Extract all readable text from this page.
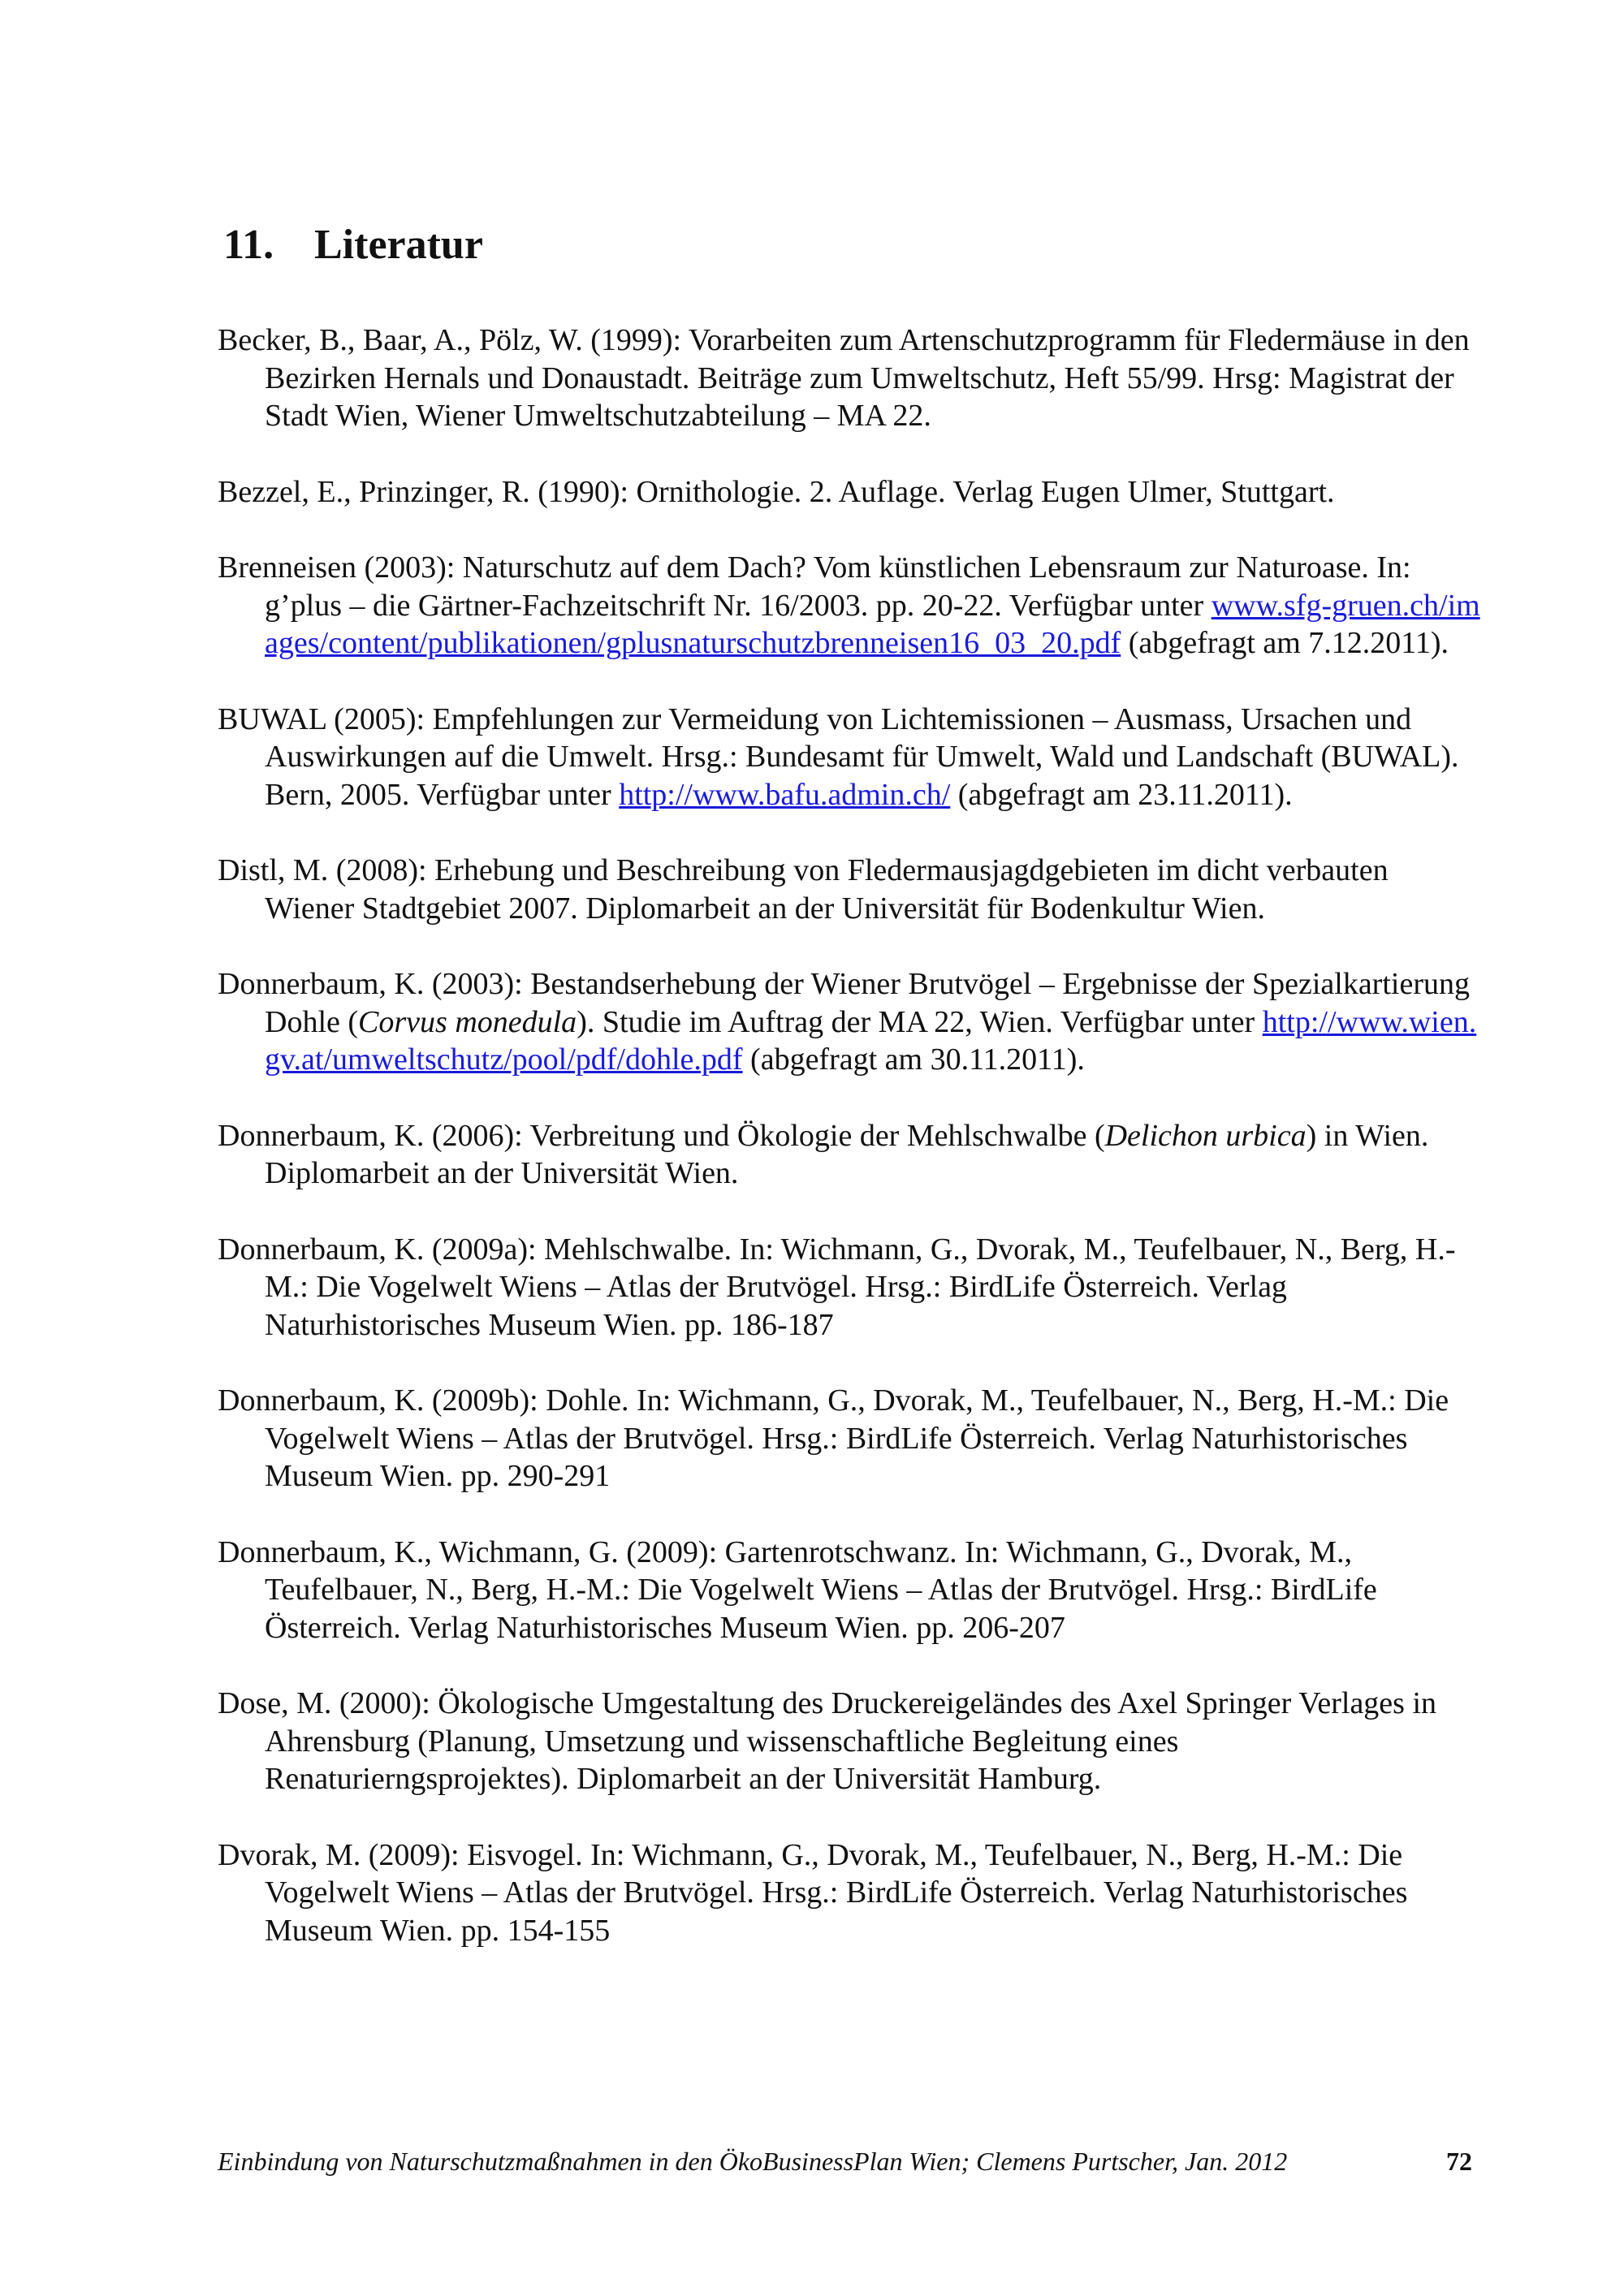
11. Literatur

Becker, B., Baar, A., Pölz, W. (1999): Vorarbeiten zum Artenschutzprogramm für Fledermäuse in den Bezirken Hernals und Donaustadt. Beiträge zum Umweltschutz, Heft 55/99. Hrsg: Magistrat der Stadt Wien, Wiener Umweltschutzabteilung – MA 22.

Bezzel, E., Prinzinger, R. (1990): Ornithologie. 2. Auflage. Verlag Eugen Ulmer, Stuttgart.

Brenneisen (2003): Naturschutz auf dem Dach? Vom künstlichen Lebensraum zur Naturoase. In: g’plus – die Gärtner-Fachzeitschrift Nr. 16/2003. pp. 20-22. Verfügbar unter www.sfg-gruen.ch/images/content/publikationen/gplusnaturschutzbrenneisen16_03_20.pdf (abgefragt am 7.12.2011).

BUWAL (2005): Empfehlungen zur Vermeidung von Lichtemissionen – Ausmass, Ursachen und Auswirkungen auf die Umwelt. Hrsg.: Bundesamt für Umwelt, Wald und Landschaft (BUWAL). Bern, 2005. Verfügbar unter http://www.bafu.admin.ch/ (abgefragt am 23.11.2011).

Distl, M. (2008): Erhebung und Beschreibung von Fledermausjagdgebieten im dicht verbauten Wiener Stadtgebiet 2007. Diplomarbeit an der Universität für Bodenkultur Wien.

Donnerbaum, K. (2003): Bestandserhebung der Wiener Brutvögel – Ergebnisse der Spezialkartierung Dohle (Corvus monedula). Studie im Auftrag der MA 22, Wien. Verfügbar unter http://www.wien.gv.at/umweltschutz/pool/pdf/dohle.pdf (abgefragt am 30.11.2011).

Donnerbaum, K. (2006): Verbreitung und Ökologie der Mehlschwalbe (Delichon urbica) in Wien. Diplomarbeit an der Universität Wien.

Donnerbaum, K. (2009a): Mehlschwalbe. In: Wichmann, G., Dvorak, M., Teufelbauer, N., Berg, H.-M.: Die Vogelwelt Wiens – Atlas der Brutvögel. Hrsg.: BirdLife Österreich. Verlag Naturhistorisches Museum Wien. pp. 186-187

Donnerbaum, K. (2009b): Dohle. In: Wichmann, G., Dvorak, M., Teufelbauer, N., Berg, H.-M.: Die Vogelwelt Wiens – Atlas der Brutvögel. Hrsg.: BirdLife Österreich. Verlag Naturhistorisches Museum Wien. pp. 290-291

Donnerbaum, K., Wichmann, G. (2009): Gartenrotschwanz. In: Wichmann, G., Dvorak, M., Teufelbauer, N., Berg, H.-M.: Die Vogelwelt Wiens – Atlas der Brutvögel. Hrsg.: BirdLife Österreich. Verlag Naturhistorisches Museum Wien. pp. 206-207

Dose, M. (2000): Ökologische Umgestaltung des Druckereigeländes des Axel Springer Verlages in Ahrensburg (Planung, Umsetzung und wissenschaftliche Begleitung eines Renaturierngsprojektes). Diplomarbeit an der Universität Hamburg.

Dvorak, M. (2009): Eisvogel. In: Wichmann, G., Dvorak, M., Teufelbauer, N., Berg, H.-M.: Die Vogelwelt Wiens – Atlas der Brutvögel. Hrsg.: BirdLife Österreich. Verlag Naturhistorisches Museum Wien. pp. 154-155

Einbindung von Naturschutzmaßnahmen in den ÖkoBusinessPlan Wien; Clemens Purtscher, Jan. 2012	72
